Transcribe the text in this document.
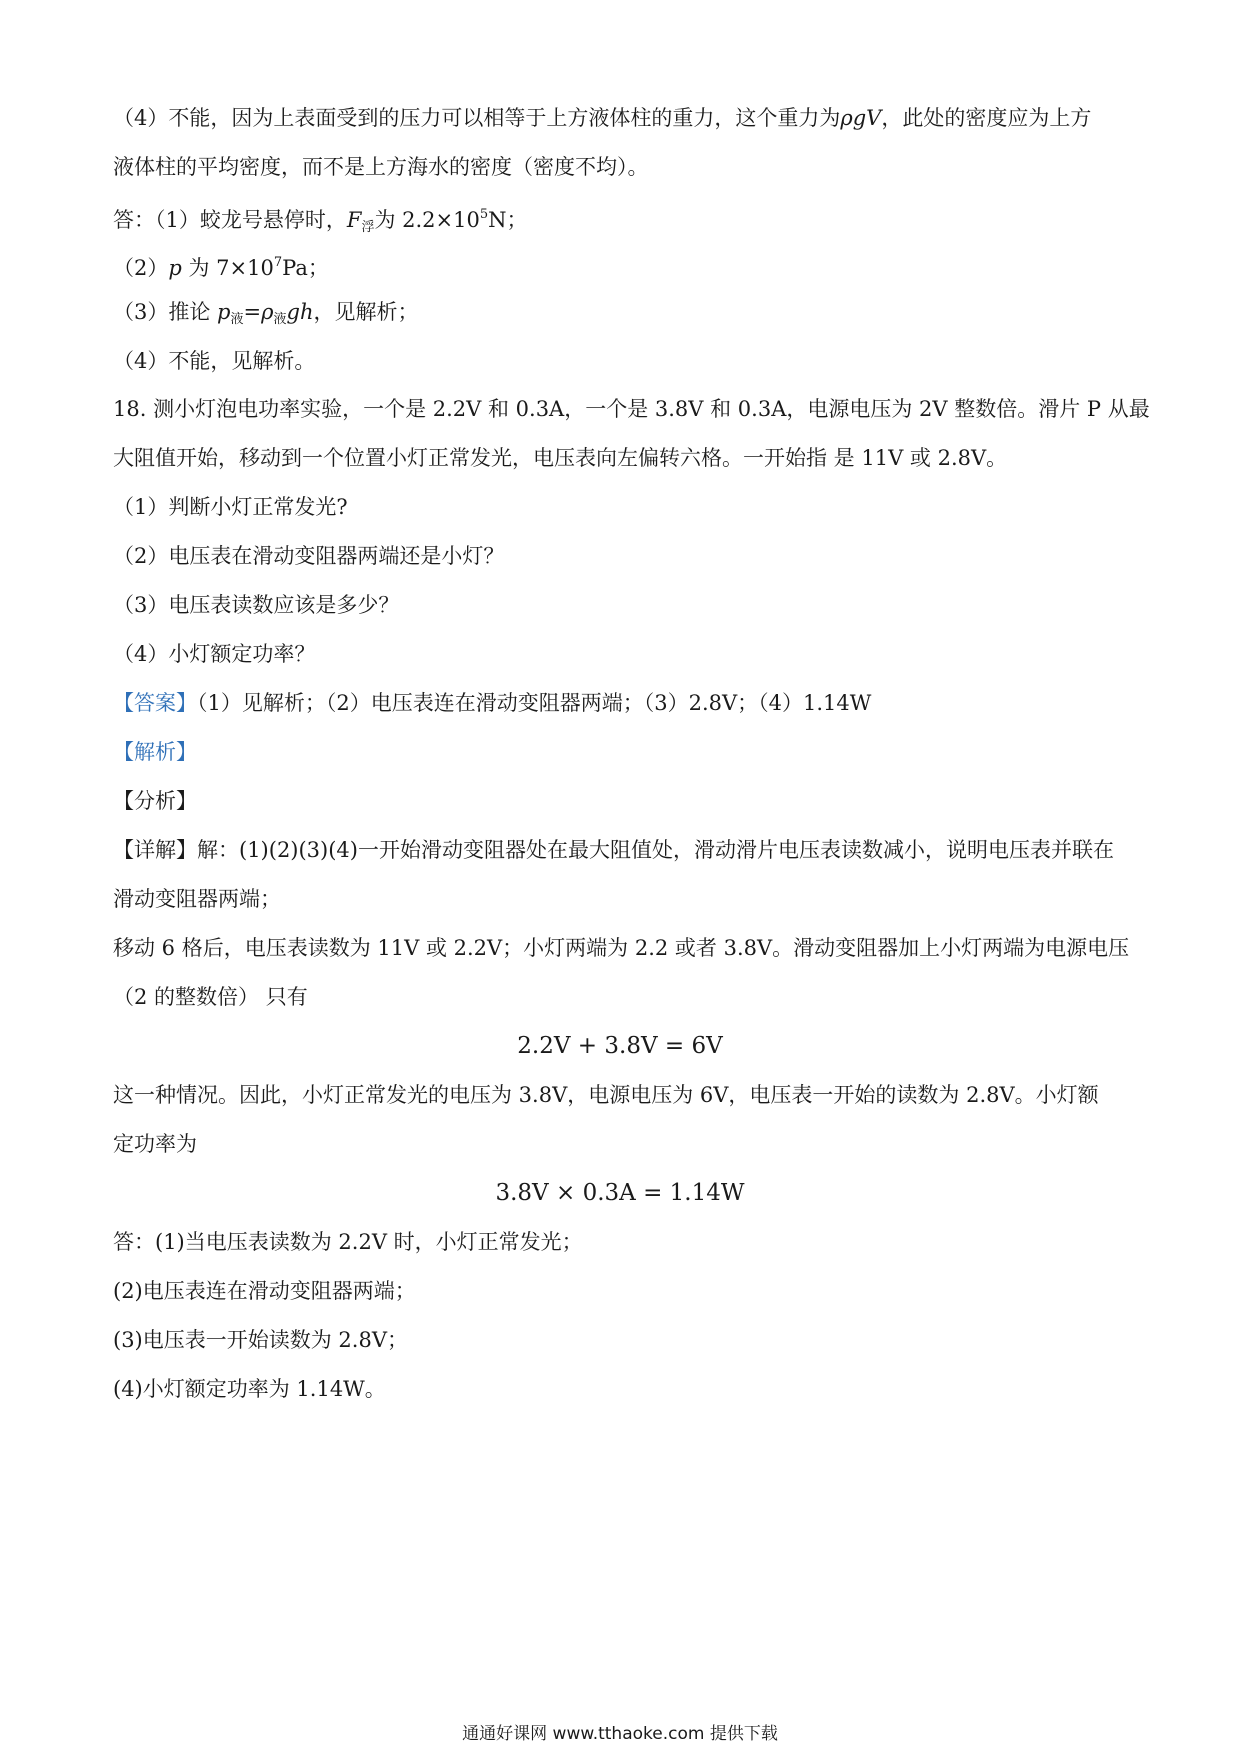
（4）不能，因为上表面受到的压力可以相等于上方液体柱的重力，这个重力为ρgV，此处的密度应为上方
液体柱的平均密度，而不是上方海水的密度（密度不均）。
答：（1）蛟龙号悬停时，$F_浮$为 $2.2\times 10^5N$；
（2）p 为 $7\times 10^7Pa$；
（3）推论 $p_液=\rho_液gh$，见解析；
（4）不能，见解析。
18. 测小灯泡电功率实验，一个是 2.2V 和 0.3A，一个是 3.8V 和 0.3A，电源电压为 2V 整数倍。滑片 P 从最
大阻值开始，移动到一个位置小灯正常发光，电压表向左偏转六格。一开始指 是 11V 或 2.8V。
（1）判断小灯正常发光?
（2）电压表在滑动变阻器两端还是小灯？
（3）电压表读数应该是多少？
（4）小灯额定功率？
【答案】（1）见解析；（2）电压表连在滑动变阻器两端；（3）2.8V；（4）1.14W
【解析】
【分析】
【详解】解：(1)(2)(3)(4)一开始滑动变阻器处在最大阻值处，滑动滑片电压表读数减小，说明电压表并联在
滑动变阻器两端；
移动 6 格后，电压表读数为 11V 或 2.2V；小灯两端为 2.2 或者 3.8V。滑动变阻器加上小灯两端为电源电压
（2 的整数倍） 只有
2.2V + 3.8V = 6V
这一种情况。因此，小灯正常发光的电压为 3.8V，电源电压为 6V，电压表一开始的读数为 2.8V。小灯额
定功率为
3.8V × 0.3A = 1.14W
答：(1)当电压表读数为 2.2V 时，小灯正常发光；
(2)电压表连在滑动变阻器两端；
(3)电压表一开始读数为 2.8V；
(4)小灯额定功率为 1.14W。
通通好课网 www.tthaoke.com 提供下载
